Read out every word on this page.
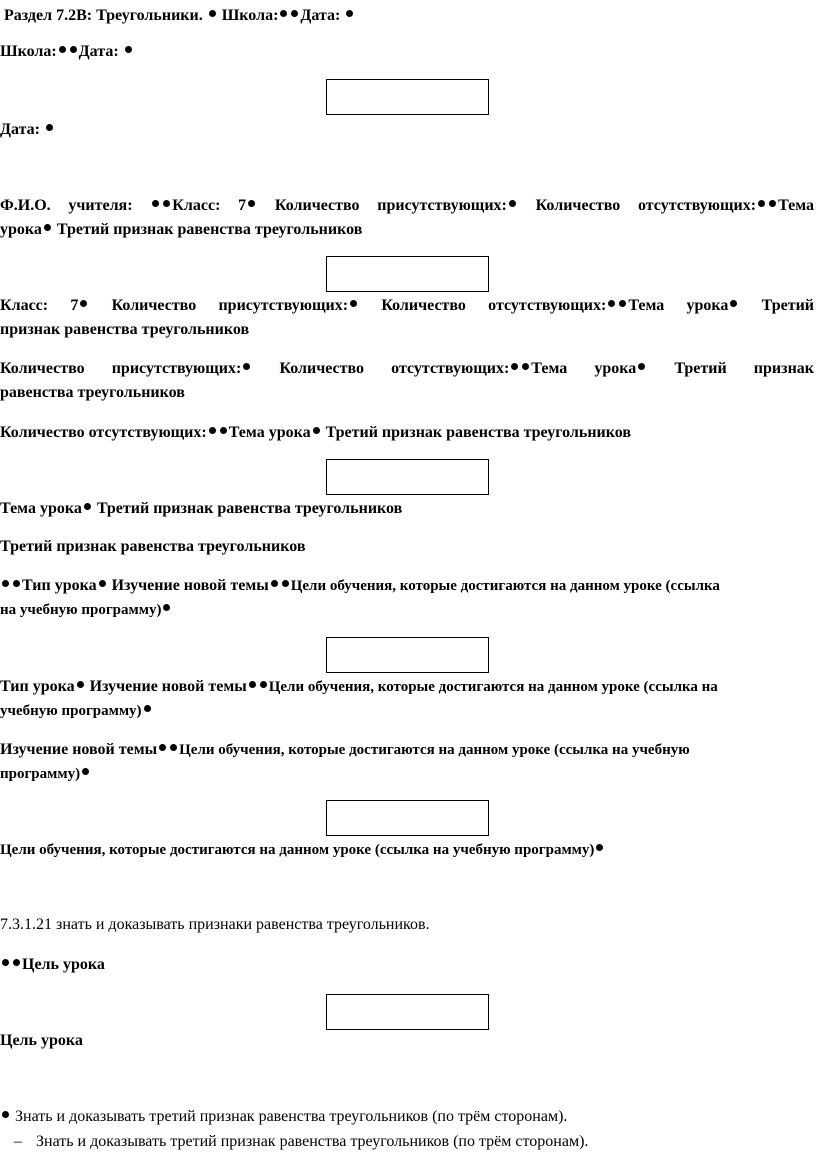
Раздел 7.2В: Треугольники. Школа: Дата:
Школа: Дата:
Дата:
Ф.И.О. учителя: Класс: 7 Количество присутствующих: Количество отсутствующих: Тема
урока Третий признак равенства треугольников
Класс: 7 Количество присутствующих: Количество отсутствующих: Тема урока Третий
признак равенства треугольников
Количество присутствующих: Количество отсутствующих: Тема урока Третий признак
равенства треугольников
Количество отсутствующих: Тема урока Третий признак равенства треугольников
Тема урока Третий признак равенства треугольников
Третий признак равенства треугольников
Тип урока Изучение новой темы Цели обучения, которые достигаются на данном уроке (ссылка
на учебную программу)
Тип урока Изучение новой темы Цели обучения, которые достигаются на данном уроке (ссылка на
учебную программу)
Изучение новой темы Цели обучения, которые достигаются на данном уроке (ссылка на учебную
программу)
Цели обучения, которые достигаются на данном уроке (ссылка на учебную программу)
7.3.1.21 знать и доказывать признаки равенства треугольников.
Цель урока
Цель урока
Знать и доказывать третий признак равенства треугольников (по трём сторонам).
– Знать и доказывать третий признак равенства треугольников (по трём сторонам).
